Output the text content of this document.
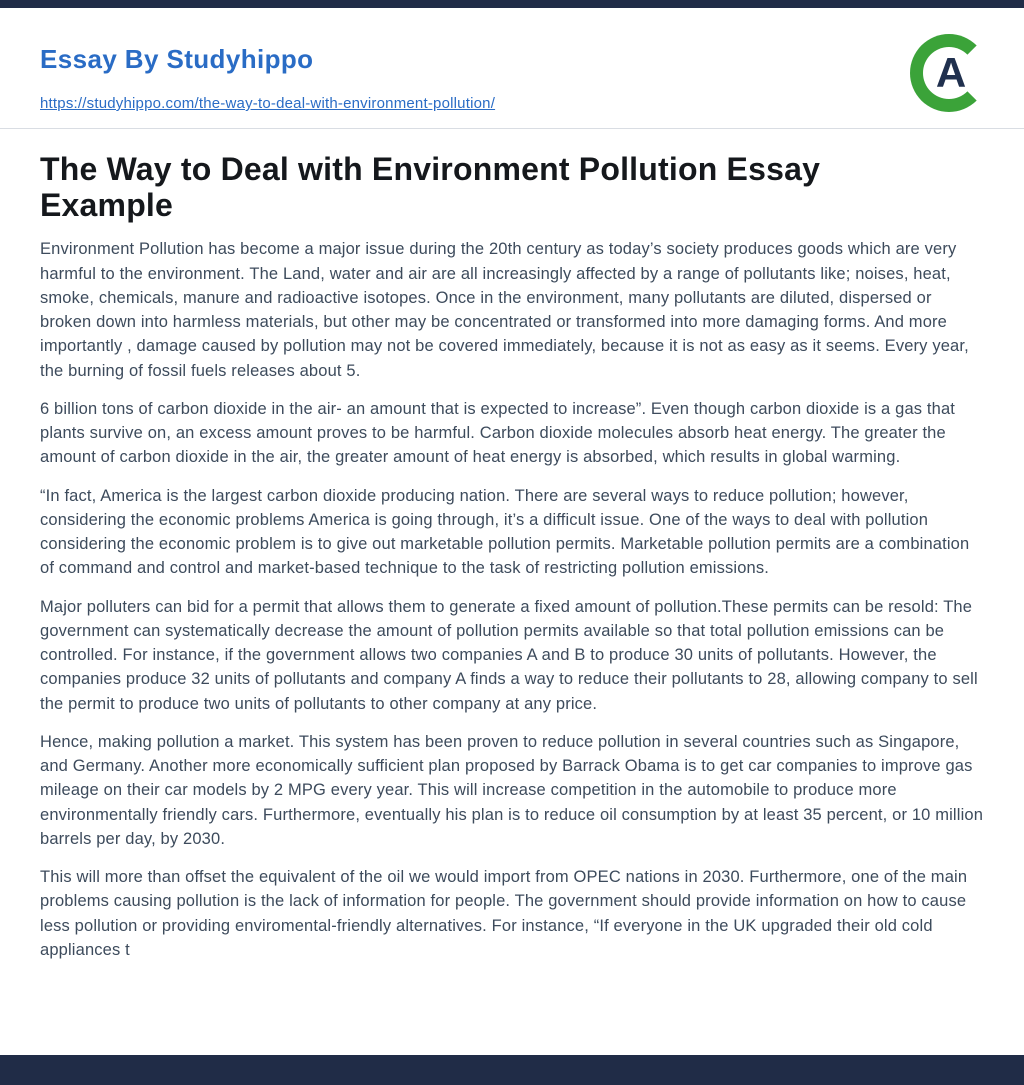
Essay By Studyhippo
https://studyhippo.com/the-way-to-deal-with-environment-pollution/
A
The Way to Deal with Environment Pollution Essay Example

Environment Pollution has become a major issue during the 20th century as today’s society produces goods which are very harmful to the environment. The Land, water and air are all increasingly affected by a range of pollutants like; noises, heat, smoke, chemicals, manure and radioactive isotopes. Once in the environment, many pollutants are diluted, dispersed or broken down into harmless materials, but other may be concentrated or transformed into more damaging forms. And more importantly , damage caused by pollution may not be covered immediately, because it is not as easy as it seems. Every year, the burning of fossil fuels releases about 5.

6 billion tons of carbon dioxide in the air- an amount that is expected to increase”. Even though carbon dioxide is a gas that plants survive on, an excess amount proves to be harmful. Carbon dioxide molecules absorb heat energy. The greater the amount of carbon dioxide in the air, the greater amount of heat energy is absorbed, which results in global warming.

“In fact, America is the largest carbon dioxide producing nation. There are several ways to reduce pollution; however, considering the economic problems America is going through, it’s a difficult issue. One of the ways to deal with pollution considering the economic problem is to give out marketable pollution permits. Marketable pollution permits are a combination of command and control and market-based technique to the task of restricting pollution emissions.

Major polluters can bid for a permit that allows them to generate a fixed amount of pollution.These permits can be resold: The government can systematically decrease the amount of pollution permits available so that total pollution emissions can be controlled. For instance, if the government allows two companies A and B to produce 30 units of pollutants. However, the companies produce 32 units of pollutants and company A finds a way to reduce their pollutants to 28, allowing company to sell the permit to produce two units of pollutants to other company at any price.

Hence, making pollution a market. This system has been proven to reduce pollution in several countries such as Singapore, and Germany. Another more economically sufficient plan proposed by Barrack Obama is to get car companies to improve gas mileage on their car models by 2 MPG every year. This will increase competition in the automobile to produce more environmentally friendly cars. Furthermore, eventually his plan is to reduce oil consumption by at least 35 percent, or 10 million barrels per day, by 2030.

This will more than offset the equivalent of the oil we would import from OPEC nations in 2030. Furthermore, one of the main problems causing pollution is the lack of information for people. The government should provide information on how to cause less pollution or providing enviromental-friendly alternatives. For instance, “If everyone in the UK upgraded their old cold appliances t
